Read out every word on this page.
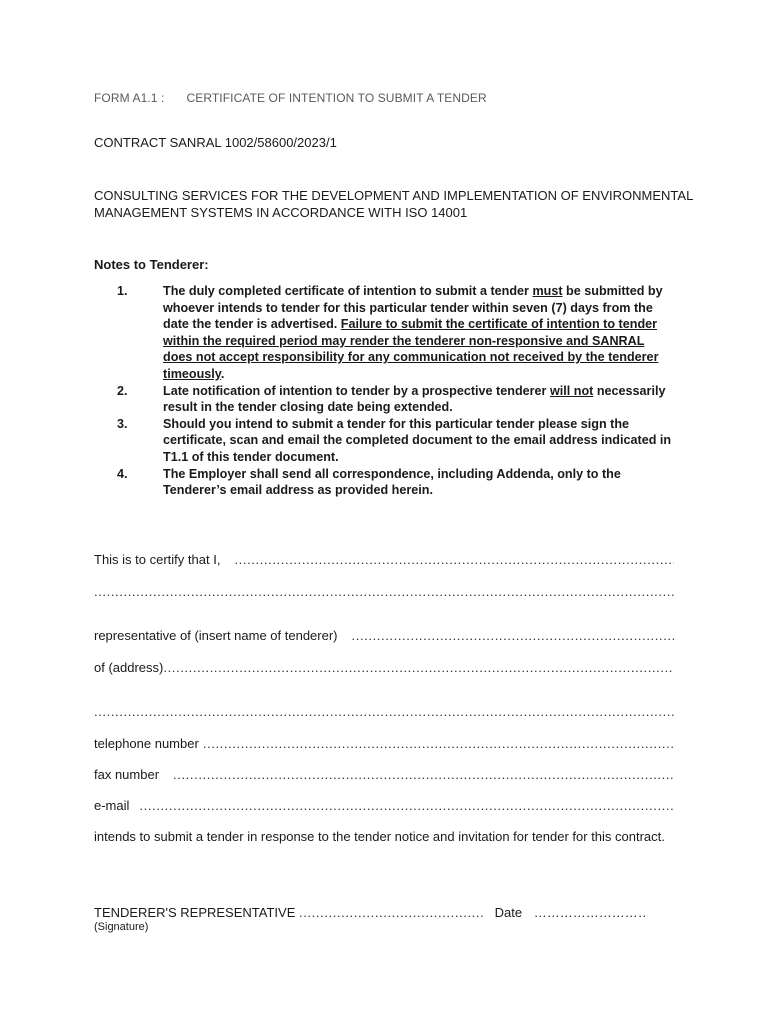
FORM A1.1 : CERTIFICATE OF INTENTION TO SUBMIT A TENDER
CONTRACT SANRAL 1002/58600/2023/1
CONSULTING SERVICES FOR THE DEVELOPMENT AND IMPLEMENTATION OF ENVIRONMENTAL MANAGEMENT SYSTEMS IN ACCORDANCE WITH ISO 14001
Notes to Tenderer:
1.	The duly completed certificate of intention to submit a tender must be submitted by whoever intends to tender for this particular tender within seven (7) days from the date the tender is advertised. Failure to submit the certificate of intention to tender within the required period may render the tenderer non-responsive and SANRAL does not accept responsibility for any communication not received by the tenderer timeously.
2.	Late notification of intention to tender by a prospective tenderer will not necessarily result in the tender closing date being extended.
3.	Should you intend to submit a tender for this particular tender please sign the certificate, scan and email the completed document to the email address indicated in T1.1 of this tender document.
4.	The Employer shall send all correspondence, including Addenda, only to the Tenderer’s email address as provided herein.
This is to certify that I,
.....
.....
representative of (insert name of tenderer)
.....
of (address)
.....
.....
telephone number
.....
fax number
.....
e-mail
.....
intends to submit a tender in response to the tender notice and invitation for tender for this contract.
TENDERER'S REPRESENTATIVE .....	Date ………………………………
(Signature)
